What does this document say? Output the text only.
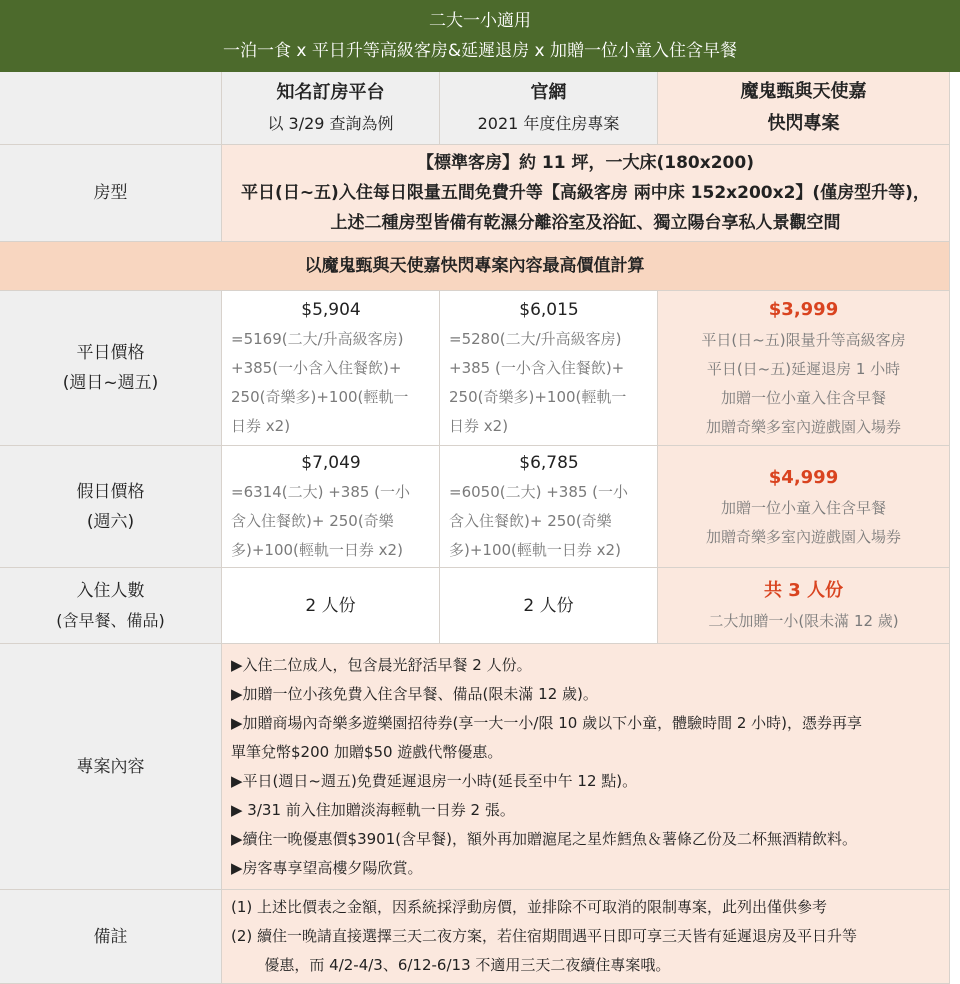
二大一小適用
一泊一食 x 平日升等高級客房&延遲退房 x 加贈一位小童入住含早餐
知名訂房平台
以 3/29 查詢為例
官網
2021 年度住房專案
魔鬼甄與天使嘉
快閃專案
房型
【標準客房】約 11 坪，一大床(180x200)
平日(日~五)入住每日限量五間免費升等【高級客房 兩中床 152x200x2】(僅房型升等)，
上述二種房型皆備有乾濕分離浴室及浴缸、獨立陽台享私人景觀空間
以魔鬼甄與天使嘉快閃專案內容最高價值計算
平日價格
(週日~週五)
$5,904
=5169(二大/升高級客房)
+385(一小含入住餐飲)+
250(奇樂多)+100(輕軌一
日券 x2)
$6,015
=5280(二大/升高級客房)
+385 (一小含入住餐飲)+
250(奇樂多)+100(輕軌一
日券 x2)
$3,999
平日(日~五)限量升等高級客房
平日(日~五)延遲退房 1 小時
加贈一位小童入住含早餐
加贈奇樂多室內遊戲園入場券
假日價格
(週六)
$7,049
=6314(二大) +385 (一小
含入住餐飲)+ 250(奇樂
多)+100(輕軌一日券 x2)
$6,785
=6050(二大) +385 (一小
含入住餐飲)+ 250(奇樂
多)+100(輕軌一日券 x2)
$4,999
加贈一位小童入住含早餐
加贈奇樂多室內遊戲園入場券
入住人數
(含早餐、備品)
2 人份	2 人份
共 3 人份
二大加贈一小(限未滿 12 歲)
專案內容
▶入住二位成人，包含晨光舒活早餐 2 人份。
▶加贈一位小孩免費入住含早餐、備品(限未滿 12 歲)。
▶加贈商場內奇樂多遊樂園招待券(享一大一小/限 10 歲以下小童，體驗時間 2 小時)，憑券再享
單筆兌幣$200 加贈$50 遊戲代幣優惠。
▶平日(週日~週五)免費延遲退房一小時(延長至中午 12 點)。
▶ 3/31 前入住加贈淡海輕軌一日券 2 張。
▶續住一晚優惠價$3901(含早餐)，額外再加贈滬尾之星炸鱈魚＆薯條乙份及二杯無酒精飲料。
▶房客專享望高樓夕陽欣賞。
備註
(1) 上述比價表之金額，因系統採浮動房價，並排除不可取消的限制專案，此列出僅供參考
(2) 續住一晚請直接選擇三天二夜方案，若住宿期間遇平日即可享三天皆有延遲退房及平日升等
優惠，而 4/2-4/3、6/12-6/13 不適用三天二夜續住專案哦。
